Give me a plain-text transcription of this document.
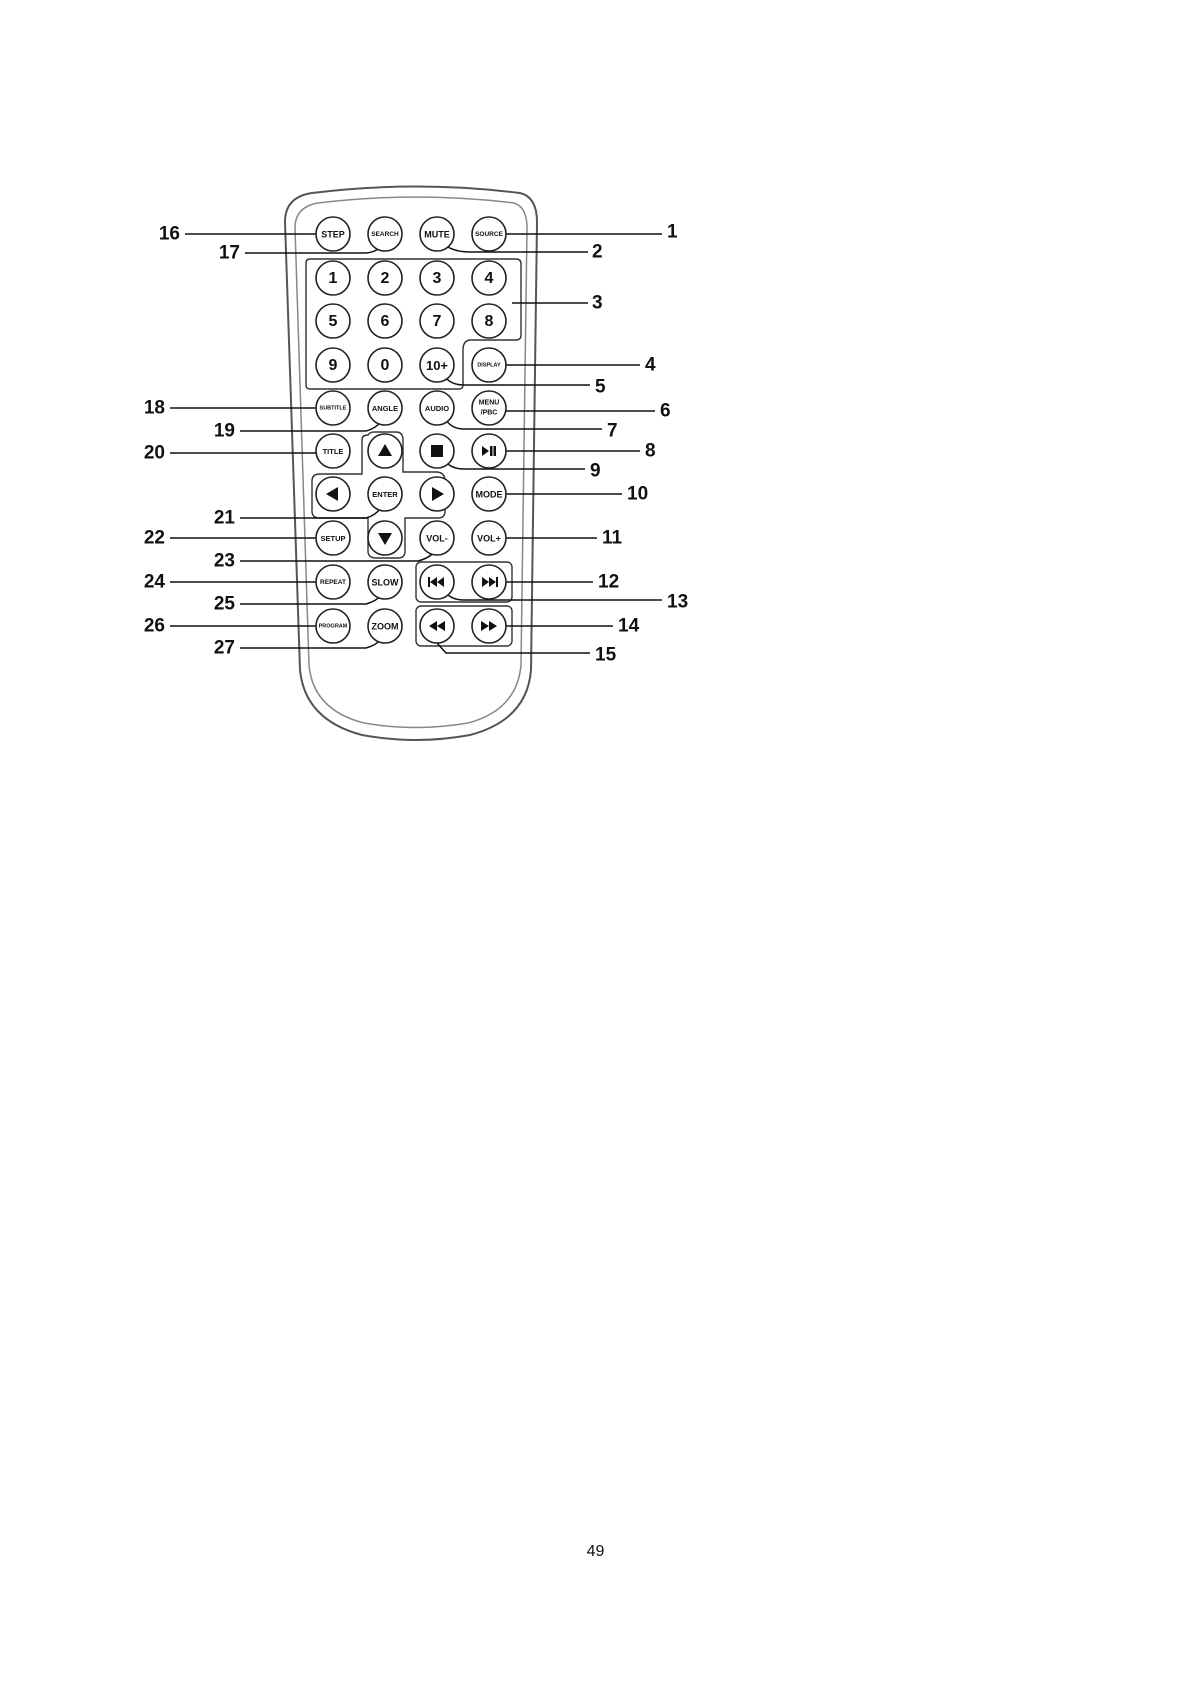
STEP	SEARCH	MUTE	SOURCE
1	2	3	4
5	6	7	8
9	0	10+	DISPLAY
SUBTITLE	ANGLE	AUDIO
MENU
/PBC
TITLE
ENTER	MODE
SETUP	VOL-	VOL+
REPEAT	SLOW
PROGRAM	ZOOM
1
2
3
4
5
6
7
8
9
10
11
12
13
14
15
16
17
18
19
20
21
22
23
24
25
26
27
49
